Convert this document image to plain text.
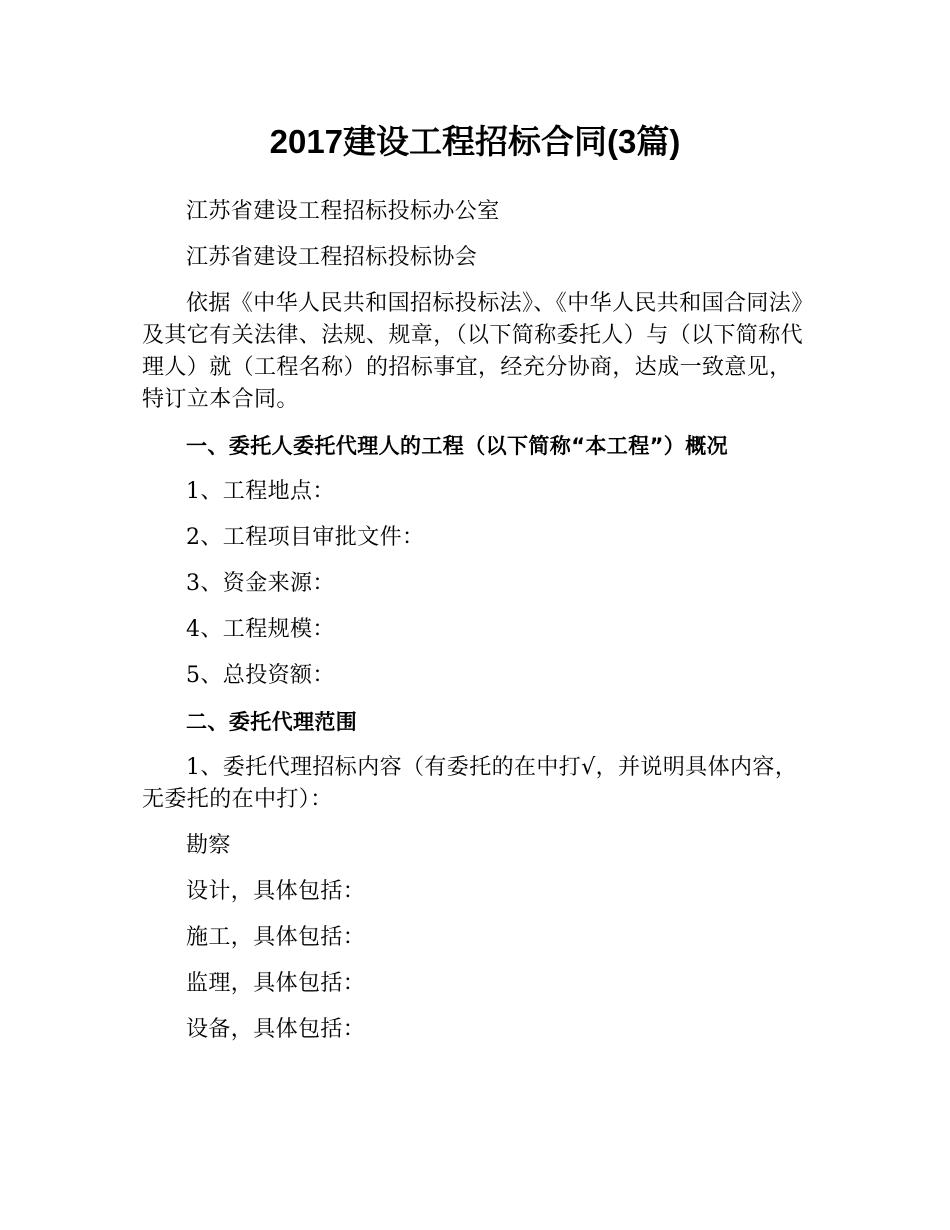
2017建设工程招标合同(3篇)

江苏省建设工程招标投标办公室

江苏省建设工程招标投标协会

依据《中华人民共和国招标投标法》、《中华人民共和国合同法》及其它有关法律、法规、规章，（以下简称委托人）与（以下简称代理人）就（工程名称）的招标事宜，经充分协商，达成一致意见，特订立本合同。

一、委托人委托代理人的工程（以下简称“本工程”）概况

1、工程地点：

2、工程项目审批文件：

3、资金来源：

4、工程规模：

5、总投资额：

二、委托代理范围

1、委托代理招标内容（有委托的在中打√，并说明具体内容，无委托的在中打）：

勘察

设计，具体包括：

施工，具体包括：

监理，具体包括：

设备，具体包括：
